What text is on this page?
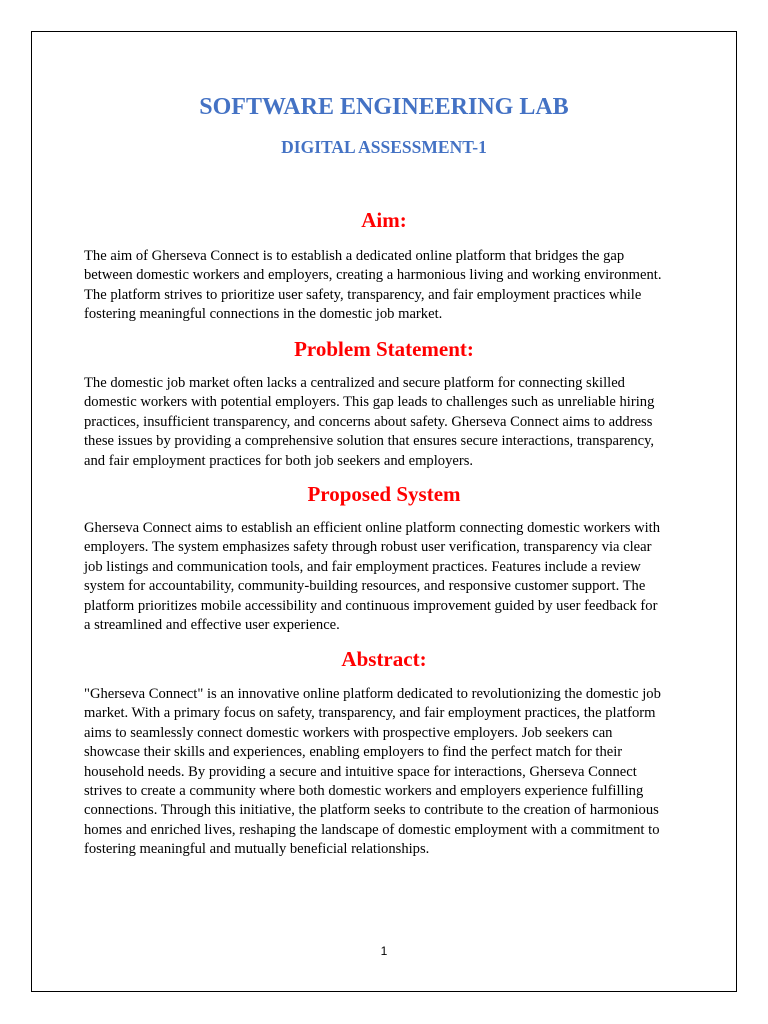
SOFTWARE ENGINEERING LAB
DIGITAL ASSESSMENT-1
Aim:
The aim of Gherseva Connect is to establish a dedicated online platform that bridges the gap
between domestic workers and employers, creating a harmonious living and working environment.
The platform strives to prioritize user safety, transparency, and fair employment practices while
fostering meaningful connections in the domestic job market.
Problem Statement:
The domestic job market often lacks a centralized and secure platform for connecting skilled
domestic workers with potential employers. This gap leads to challenges such as unreliable hiring
practices, insufficient transparency, and concerns about safety. Gherseva Connect aims to address
these issues by providing a comprehensive solution that ensures secure interactions, transparency,
and fair employment practices for both job seekers and employers.
Proposed System
Gherseva Connect aims to establish an efficient online platform connecting domestic workers with
employers. The system emphasizes safety through robust user verification, transparency via clear
job listings and communication tools, and fair employment practices. Features include a review
system for accountability, community-building resources, and responsive customer support. The
platform prioritizes mobile accessibility and continuous improvement guided by user feedback for
a streamlined and effective user experience.
Abstract:
"Gherseva Connect" is an innovative online platform dedicated to revolutionizing the domestic job
market. With a primary focus on safety, transparency, and fair employment practices, the platform
aims to seamlessly connect domestic workers with prospective employers. Job seekers can
showcase their skills and experiences, enabling employers to find the perfect match for their
household needs. By providing a secure and intuitive space for interactions, Gherseva Connect
strives to create a community where both domestic workers and employers experience fulfilling
connections. Through this initiative, the platform seeks to contribute to the creation of harmonious
homes and enriched lives, reshaping the landscape of domestic employment with a commitment to
fostering meaningful and mutually beneficial relationships.
1
